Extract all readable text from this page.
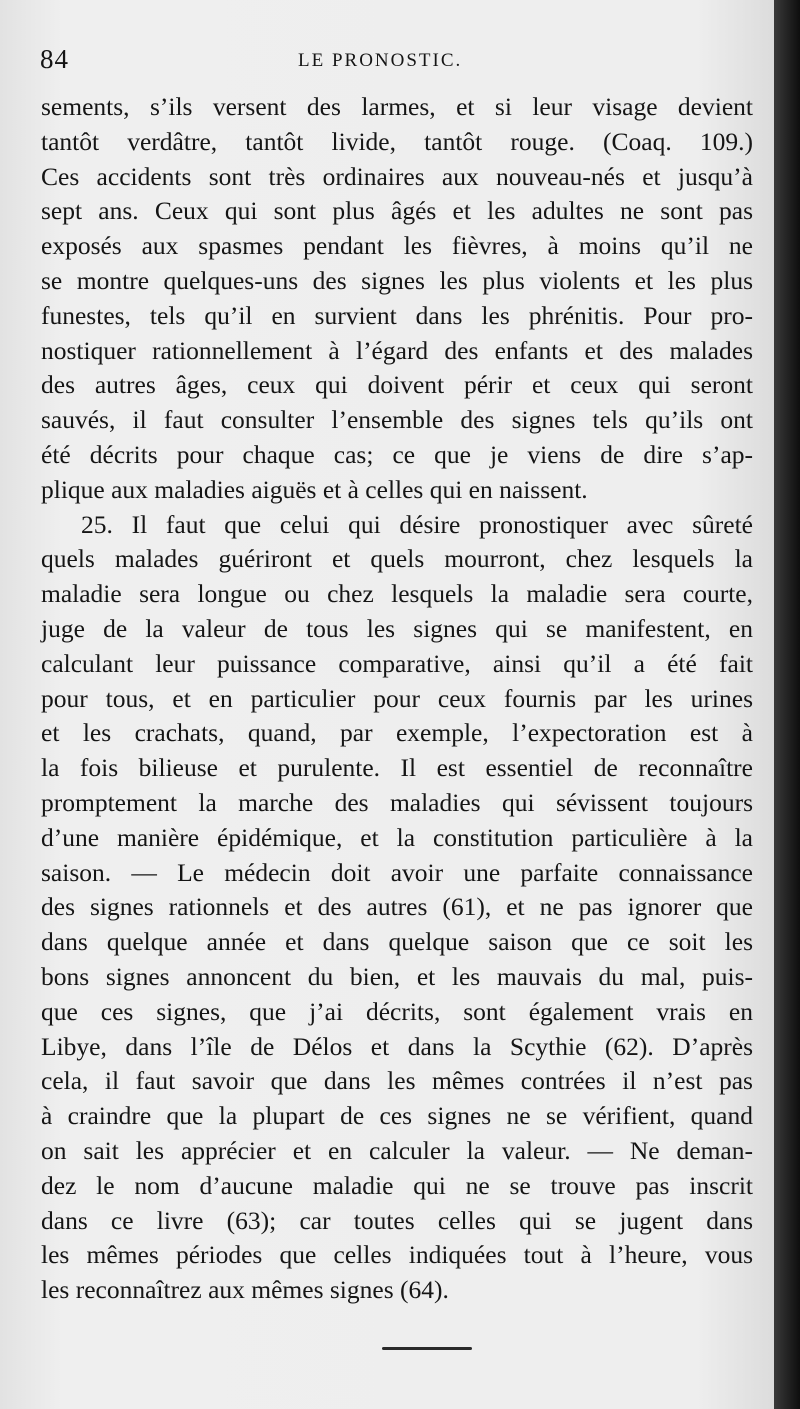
84	LE PRONOSTIC.
sements, s’ils versent des larmes, et si leur visage devient
tantôt verdâtre, tantôt livide, tantôt rouge. (Coaq. 109.)
Ces accidents sont très ordinaires aux nouveau-nés et jusqu’à
sept ans. Ceux qui sont plus âgés et les adultes ne sont pas
exposés aux spasmes pendant les fièvres, à moins qu’il ne
se montre quelques-uns des signes les plus violents et les plus
funestes, tels qu’il en survient dans les phrénitis. Pour pro-
nostiquer rationnellement à l’égard des enfants et des malades
des autres âges, ceux qui doivent périr et ceux qui seront
sauvés, il faut consulter l’ensemble des signes tels qu’ils ont
été décrits pour chaque cas; ce que je viens de dire s’ap-
plique aux maladies aiguës et à celles qui en naissent.
25. Il faut que celui qui désire pronostiquer avec sûreté
quels malades guériront et quels mourront, chez lesquels la
maladie sera longue ou chez lesquels la maladie sera courte,
juge de la valeur de tous les signes qui se manifestent, en
calculant leur puissance comparative, ainsi qu’il a été fait
pour tous, et en particulier pour ceux fournis par les urines
et les crachats, quand, par exemple, l’expectoration est à
la fois bilieuse et purulente. Il est essentiel de reconnaître
promptement la marche des maladies qui sévissent toujours
d’une manière épidémique, et la constitution particulière à la
saison. — Le médecin doit avoir une parfaite connaissance
des signes rationnels et des autres (61), et ne pas ignorer que
dans quelque année et dans quelque saison que ce soit les
bons signes annoncent du bien, et les mauvais du mal, puis-
que ces signes, que j’ai décrits, sont également vrais en
Libye, dans l’île de Délos et dans la Scythie (62). D’après
cela, il faut savoir que dans les mêmes contrées il n’est pas
à craindre que la plupart de ces signes ne se vérifient, quand
on sait les apprécier et en calculer la valeur. — Ne deman-
dez le nom d’aucune maladie qui ne se trouve pas inscrit
dans ce livre (63); car toutes celles qui se jugent dans
les mêmes périodes que celles indiquées tout à l’heure, vous
les reconnaîtrez aux mêmes signes (64).
